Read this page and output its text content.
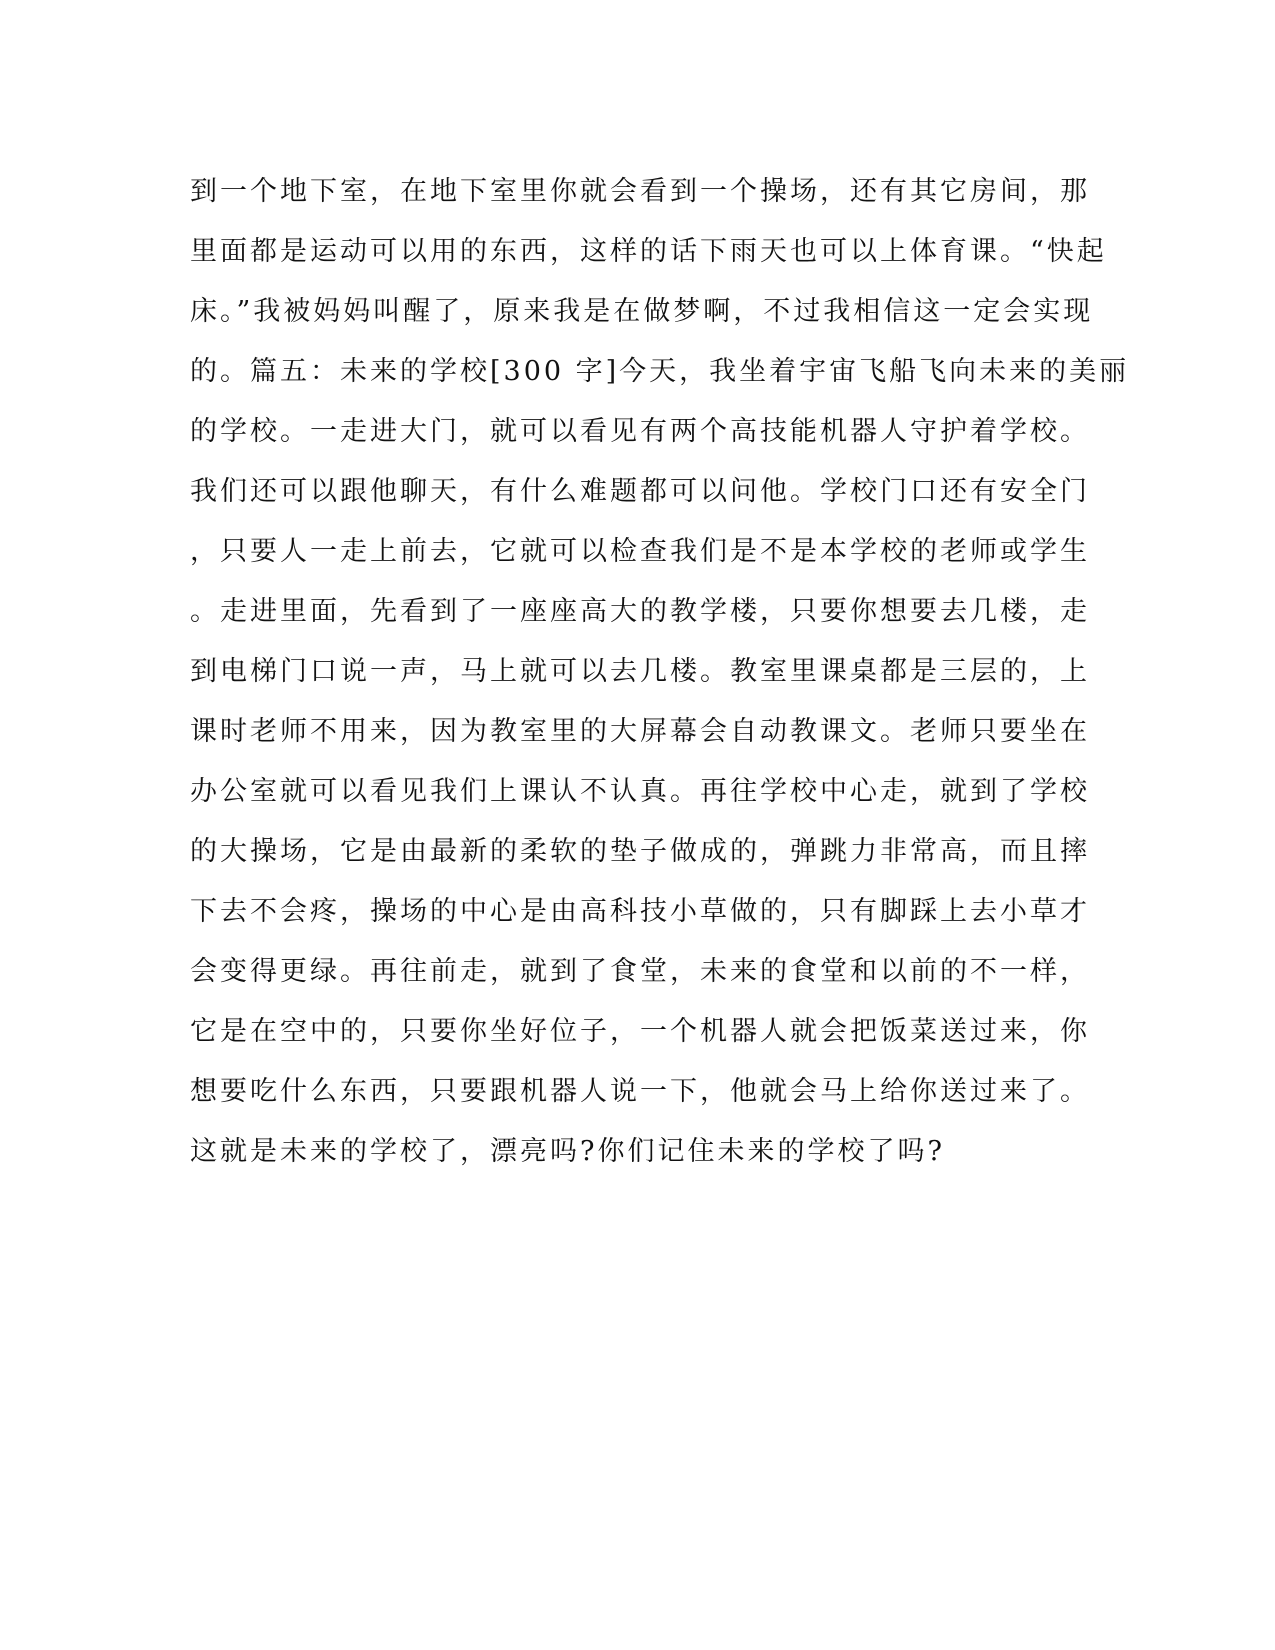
到一个地下室，在地下室里你就会看到一个操场，还有其它房间，那
里面都是运动可以用的东西，这样的话下雨天也可以上体育课。“快起
床。”我被妈妈叫醒了，原来我是在做梦啊，不过我相信这一定会实现
的。篇五：未来的学校[300 字]今天，我坐着宇宙飞船飞向未来的美丽
的学校。一走进大门，就可以看见有两个高技能机器人守护着学校。
我们还可以跟他聊天，有什么难题都可以问他。学校门口还有安全门
，只要人一走上前去，它就可以检查我们是不是本学校的老师或学生
。走进里面，先看到了一座座高大的教学楼，只要你想要去几楼，走
到电梯门口说一声，马上就可以去几楼。教室里课桌都是三层的，上
课时老师不用来，因为教室里的大屏幕会自动教课文。老师只要坐在
办公室就可以看见我们上课认不认真。再往学校中心走，就到了学校
的大操场，它是由最新的柔软的垫子做成的，弹跳力非常高，而且摔
下去不会疼，操场的中心是由高科技小草做的，只有脚踩上去小草才
会变得更绿。再往前走，就到了食堂，未来的食堂和以前的不一样，
它是在空中的，只要你坐好位子，一个机器人就会把饭菜送过来，你
想要吃什么东西，只要跟机器人说一下，他就会马上给你送过来了。
这就是未来的学校了，漂亮吗?你们记住未来的学校了吗?
